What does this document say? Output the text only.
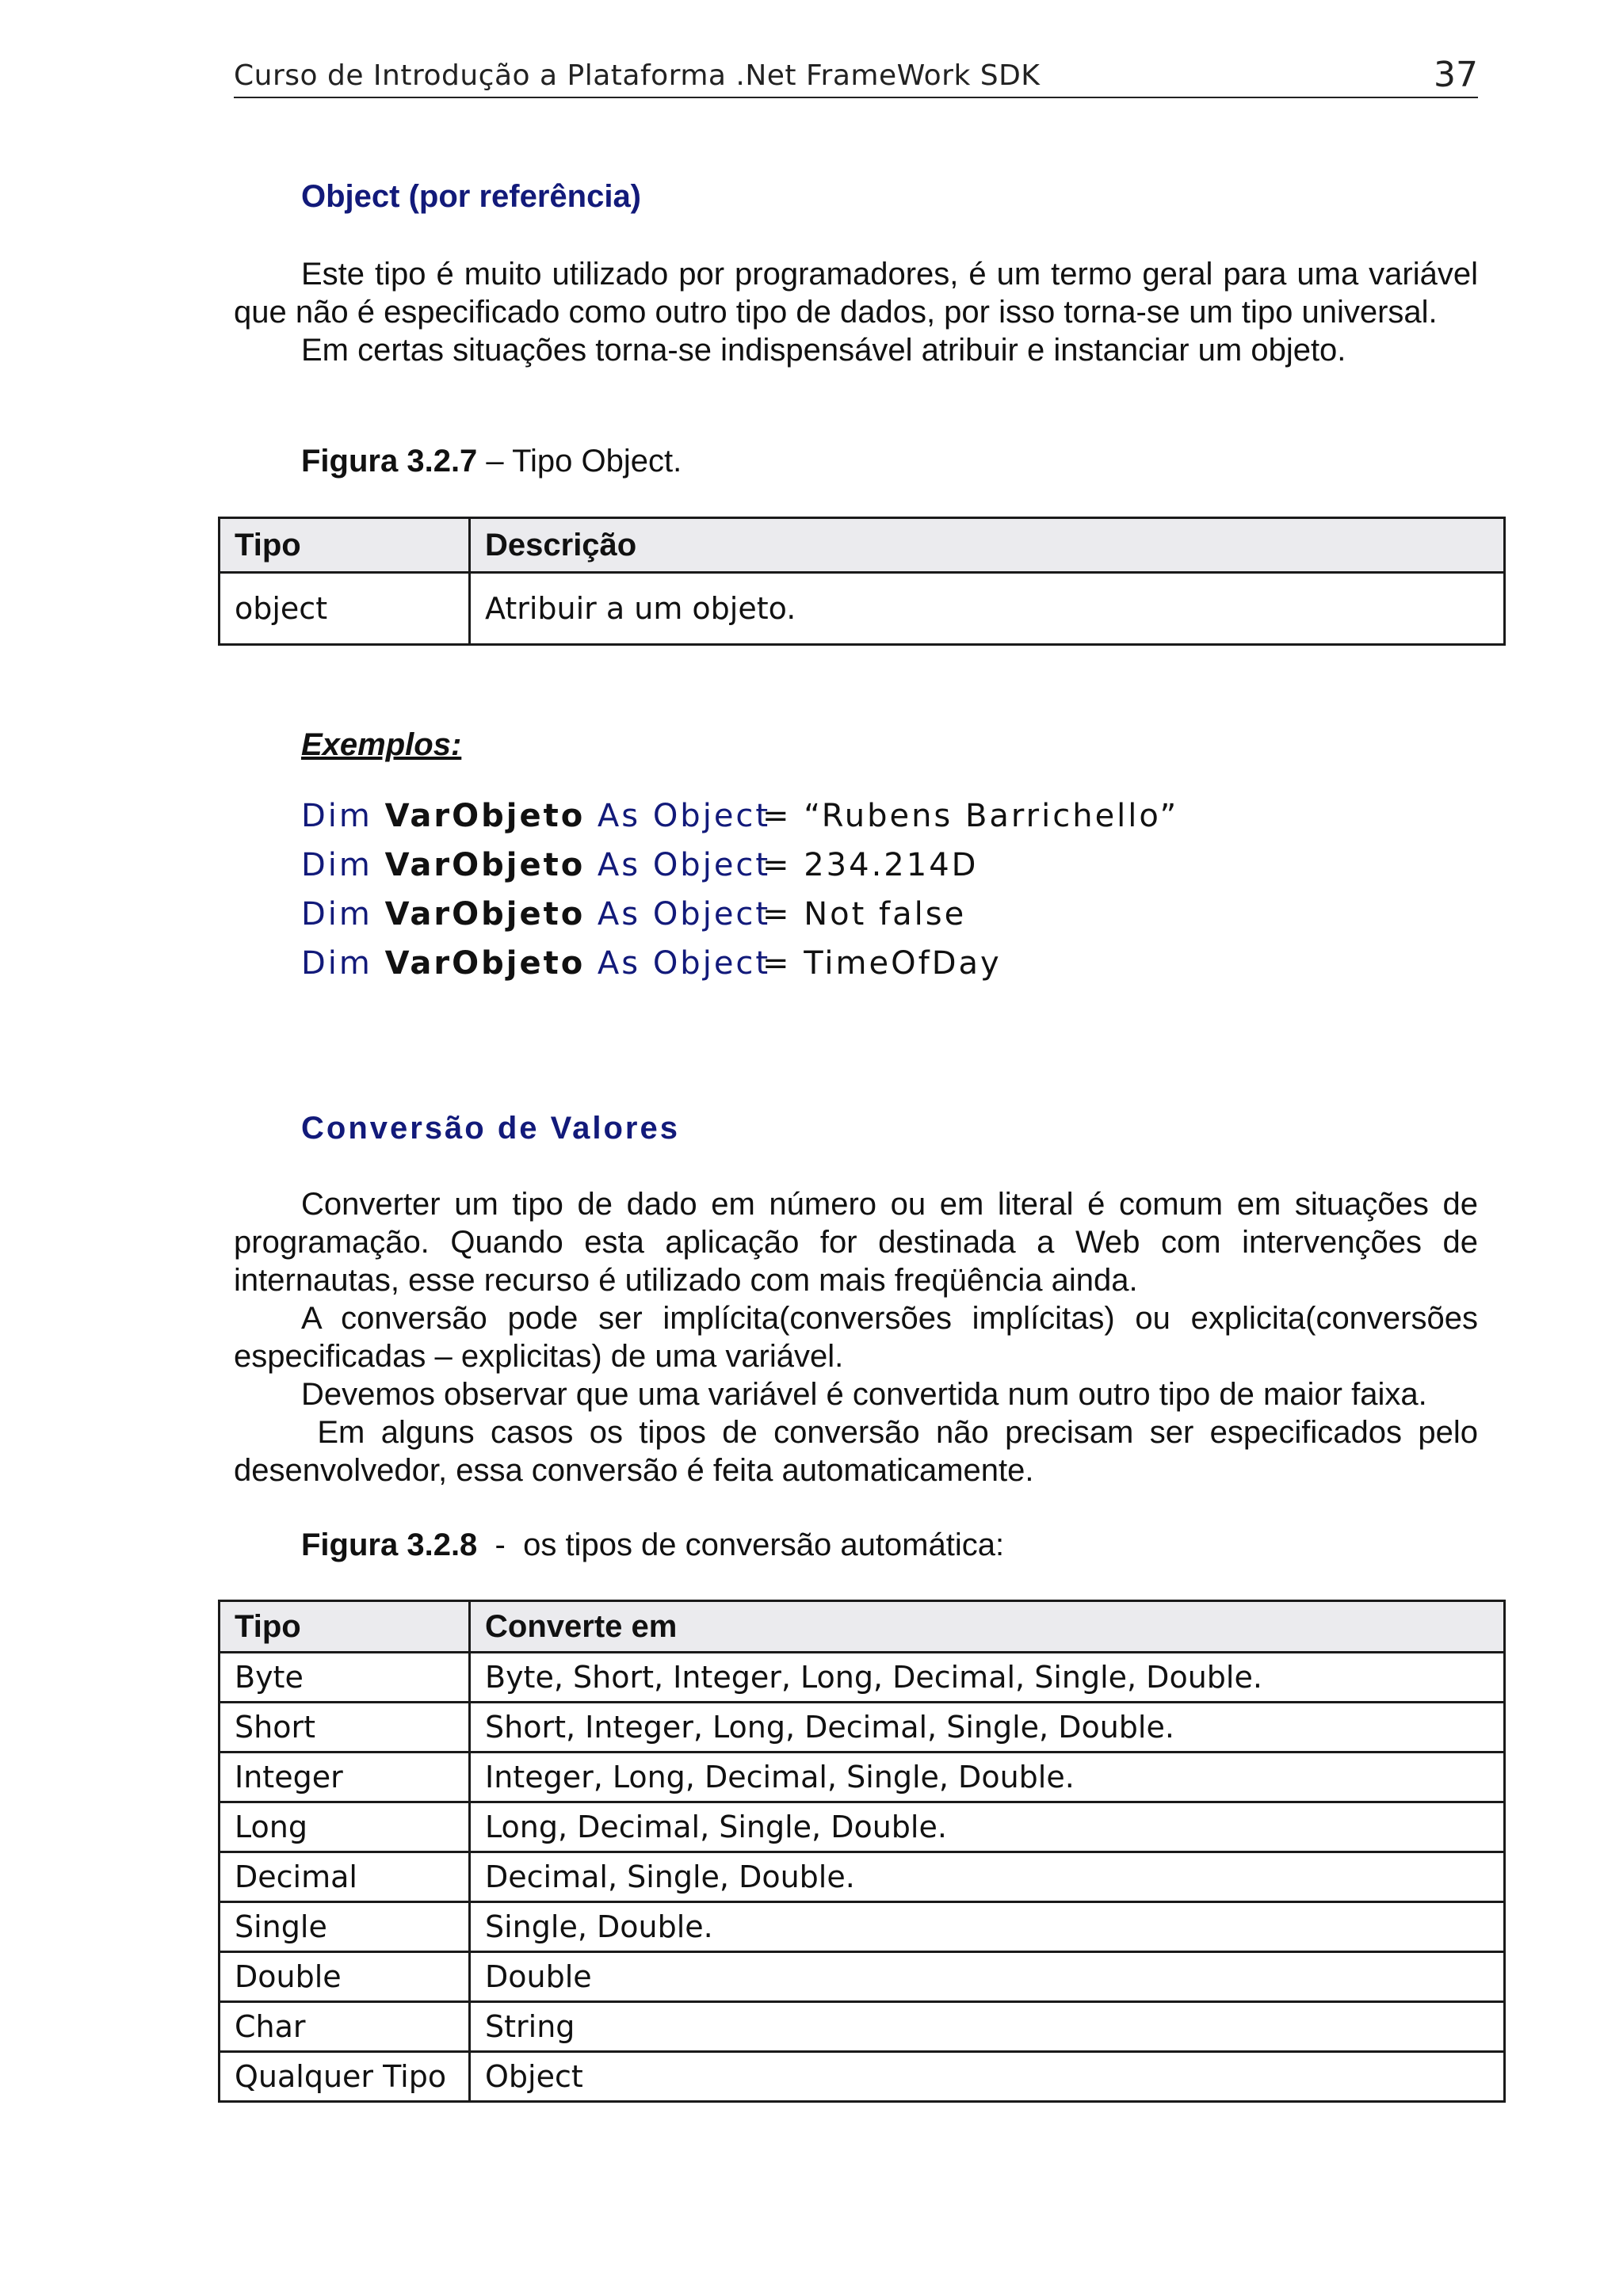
Curso de Introdução a Plataforma .Net FrameWork SDK	37
Object (por referência)

Este tipo é muito utilizado por programadores, é um termo geral para uma variável que não é especificado como outro tipo de dados, por isso torna-se um tipo universal.

Em certas situações torna-se indispensável atribuir e instanciar um objeto.

Figura 3.2.7 – Tipo Object.
Tipo	Descrição
object	Atribuir a um objeto.
Exemplos:
Dim VarObjeto As Object
= “Rubens Barrichello”
Dim VarObjeto As Object
= 234.214D
Dim VarObjeto As Object
= Not false
Dim VarObjeto As Object
= TimeOfDay
Conversão de Valores

Converter um tipo de dado em número ou em literal é comum em situações de programação. Quando esta aplicação for destinada a Web com intervenções de internautas, esse recurso é utilizado com mais freqüência ainda.

A conversão pode ser implícita(conversões implícitas) ou explicita(conversões especificadas – explicitas) de uma variável.

Devemos observar que uma variável é convertida num outro tipo de maior faixa.

Em alguns casos os tipos de conversão não precisam ser especificados pelo desenvolvedor, essa conversão é feita automaticamente.

Figura 3.2.8  -  os tipos de conversão automática:
Tipo	Converte em
Byte	Byte, Short, Integer, Long, Decimal, Single, Double.
Short	Short, Integer, Long, Decimal, Single, Double.
Integer	Integer, Long, Decimal, Single, Double.
Long	Long, Decimal, Single, Double.
Decimal	Decimal, Single, Double.
Single	Single, Double.
Double	Double
Char	String
Qualquer Tipo	Object
